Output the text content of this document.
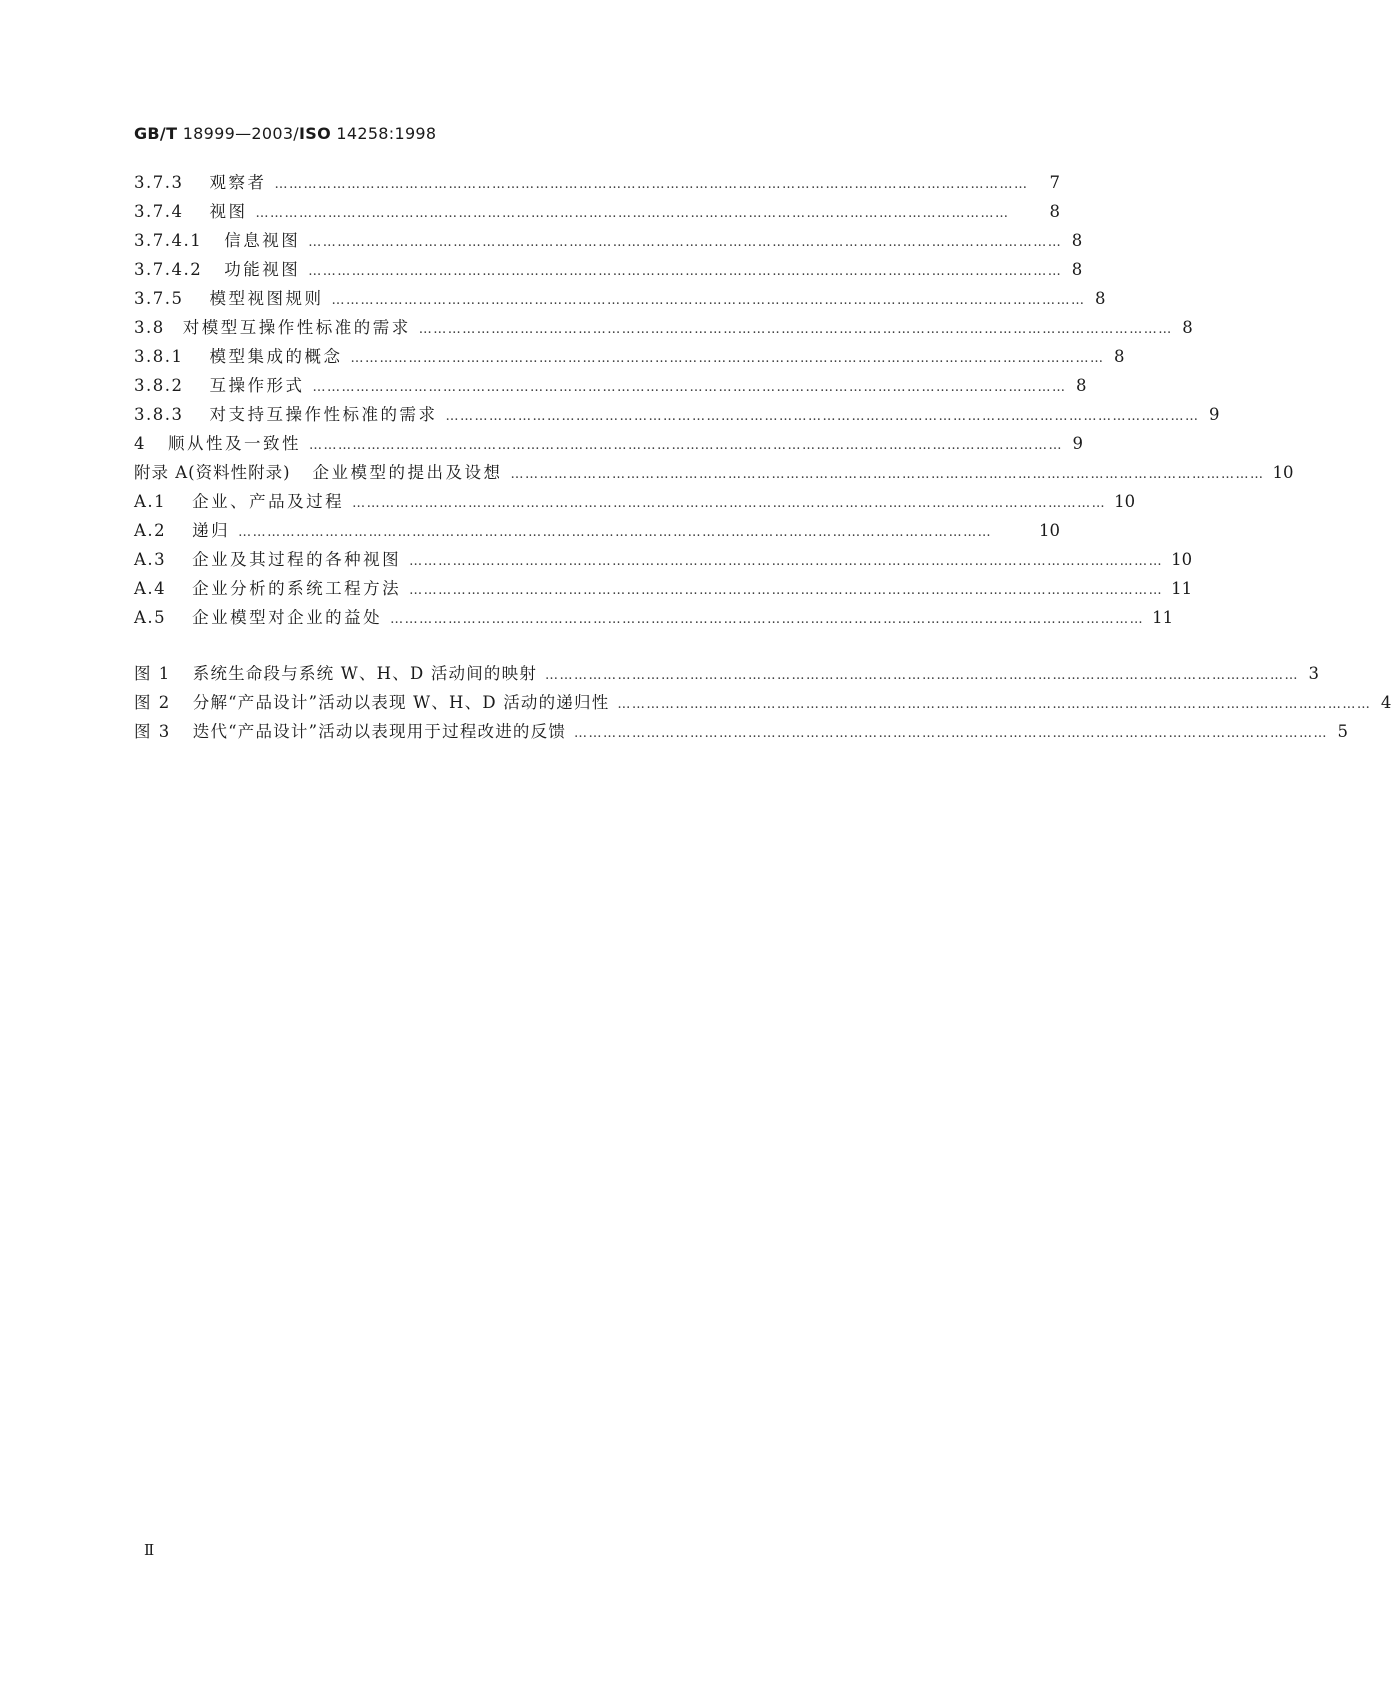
GB/T 18999—2003/ISO 14258:1998
3.7.3 观察者 …………………………………………………………………………………………………………………………………………	7
3.7.4 视图 …………………………………………………………………………………………………………………………………………	8
3.7.4.1 信息视图 ………………………………………………………………………………………………………………………………………… 8
3.7.4.2 功能视图 ………………………………………………………………………………………………………………………………………… 8
3.7.5 模型视图规则 ………………………………………………………………………………………………………………………………………… 8
3.8 对模型互操作性标准的需求 ………………………………………………………………………………………………………………………………………… 8
3.8.1 模型集成的概念 ………………………………………………………………………………………………………………………………………… 8
3.8.2 互操作形式 ………………………………………………………………………………………………………………………………………… 8
3.8.3 对支持互操作性标准的需求 ………………………………………………………………………………………………………………………………………… 9
4 顺从性及一致性 ………………………………………………………………………………………………………………………………………… 9
附录 A(资料性附录) 企业模型的提出及设想 ………………………………………………………………………………………………………………………………………… 10
A.1 企业、产品及过程 ………………………………………………………………………………………………………………………………………… 10
A.2 递归 …………………………………………………………………………………………………………………………………………	10
A.3 企业及其过程的各种视图 ………………………………………………………………………………………………………………………………………… 10
A.4 企业分析的系统工程方法 ………………………………………………………………………………………………………………………………………… 11
A.5 企业模型对企业的益处 ………………………………………………………………………………………………………………………………………… 11
图 1 系统生命段与系统 W、H、D 活动间的映射 ………………………………………………………………………………………………………………………………………… 3
图 2 分解“产品设计”活动以表现 W、H、D 活动的递归性 ………………………………………………………………………………………………………………………………………… 4
图 3 迭代“产品设计”活动以表现用于过程改进的反馈 ………………………………………………………………………………………………………………………………………… 5
Ⅱ
